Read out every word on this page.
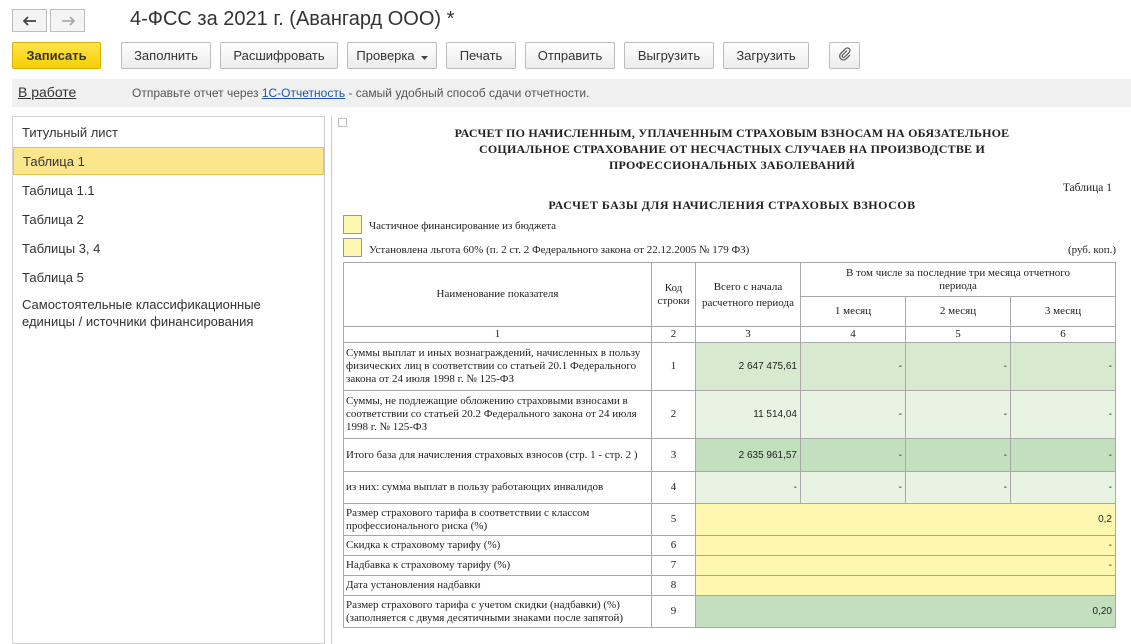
4-ФСС за 2021 г. (Авангард ООО) *
Записать	Заполнить	Расшифровать	Проверка	Печать	Отправить	Выгрузить	Загрузить
В работе	Отправьте отчет через 1С-Отчетность - самый удобный способ сдачи отчетности.
Титульный лист
Таблица 1
Таблица 1.1
Таблица 2
Таблицы 3, 4
Таблица 5
Самостоятельные классификационные единицы / источники финансирования
РАСЧЕТ ПО НАЧИСЛЕННЫМ, УПЛАЧЕННЫМ СТРАХОВЫМ ВЗНОСАМ НА ОБЯЗАТЕЛЬНОЕ
СОЦИАЛЬНОЕ СТРАХОВАНИЕ ОТ НЕСЧАСТНЫХ СЛУЧАЕВ НА ПРОИЗВОДСТВЕ И
ПРОФЕССИОНАЛЬНЫХ ЗАБОЛЕВАНИЙ
Таблица 1
РАСЧЕТ БАЗЫ ДЛЯ НАЧИСЛЕНИЯ СТРАХОВЫХ ВЗНОСОВ
Частичное финансирование из бюджета
Установлена льгота 60% (п. 2 ст. 2 Федерального закона от 22.12.2005 № 179 ФЗ)	(руб. коп.)
Наименование показателя	Код строки	Всего с начала расчетного периода	В том числе за последние три месяца отчетного периода		
			1 месяц	2 месяц	3 месяц
1	2	3	4	5	6
Суммы выплат и иных вознаграждений, начисленных в пользу физических лиц в соответствии со статьей 20.1 Федерального закона от 24 июля 1998 г. № 125-ФЗ	1	2 647 475,61	-	-	-
Суммы, не подлежащие обложению страховыми взносами в соответствии со статьей 20.2 Федерального закона от 24 июля 1998 г. № 125-ФЗ	2	11 514,04	-	-	-
Итого база для начисления страховых взносов (стр. 1 - стр. 2 )	3	2 635 961,57	-	-	-
из них: сумма выплат в пользу работающих инвалидов	4	-	-	-	-
Размер страхового тарифа в соответствии с классом профессионального риска (%)	5	0,2			
Скидка к страховому тарифу (%)	6	-			
Надбавка к страховому тарифу (%)	7	-			
Дата установления надбавки	8				
Размер страхового тарифа с учетом скидки (надбавки) (%) (заполняется с двумя десятичными знаками после запятой)	9	0,20			
